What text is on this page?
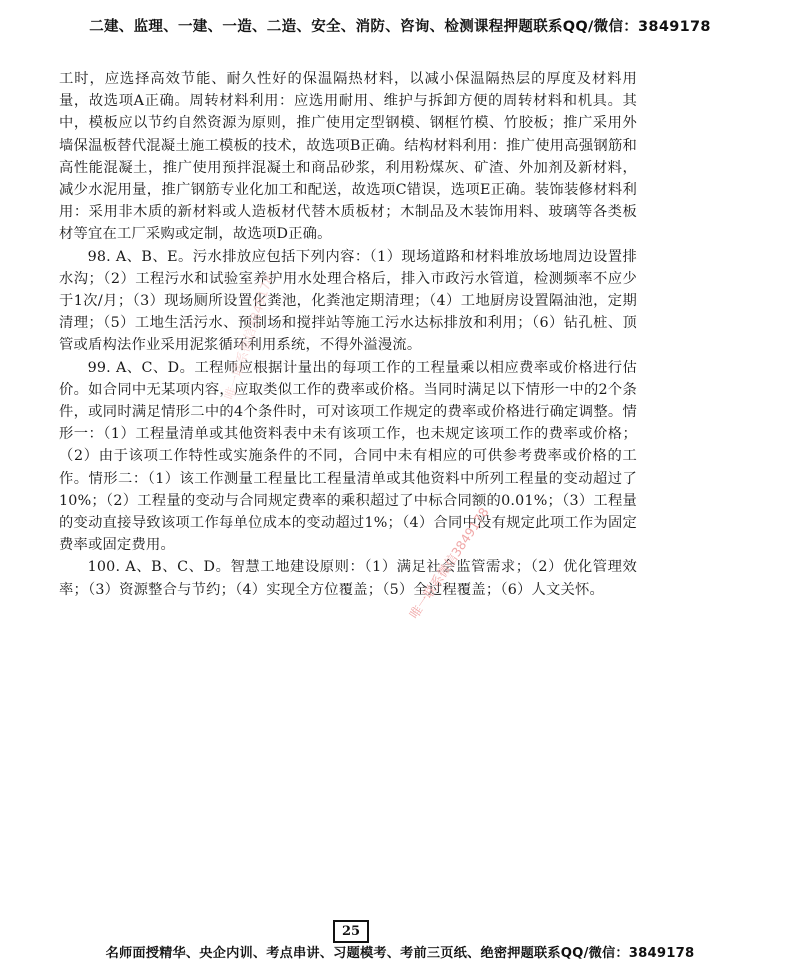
二建、监理、一建、一造、二造、安全、消防、咨询、检测课程押题联系QQ/微信：3849178

工时，应选择高效节能、耐久性好的保温隔热材料，以减小保温隔热层的厚度及材料用量，故选项A正确。周转材料利用：应选用耐用、维护与拆卸方便的周转材料和机具。其中，模板应以节约自然资源为原则，推广使用定型钢模、钢框竹模、竹胶板；推广采用外墙保温板替代混凝土施工模板的技术，故选项B正确。结构材料利用：推广使用高强钢筋和高性能混凝土，推广使用预拌混凝土和商品砂浆，利用粉煤灰、矿渣、外加剂及新材料，减少水泥用量，推广钢筋专业化加工和配送，故选项C错误，选项E正确。装饰装修材料利用：采用非木质的新材料或人造板材代替木质板材；木制品及木装饰用料、玻璃等各类板材等宜在工厂采购或定制，故选项D正确。

98. A、B、E。污水排放应包括下列内容：（1）现场道路和材料堆放场地周边设置排水沟；（2）工程污水和试验室养护用水处理合格后，排入市政污水管道，检测频率不应少于1次/月；（3）现场厕所设置化粪池，化粪池定期清理；（4）工地厨房设置隔油池，定期清理；（5）工地生活污水、预制场和搅拌站等施工污水达标排放和利用；（6）钻孔桩、顶管或盾构法作业采用泥浆循环利用系统，不得外溢漫流。

99. A、C、D。工程师应根据计量出的每项工作的工程量乘以相应费率或价格进行估价。如合同中无某项内容，应取类似工作的费率或价格。当同时满足以下情形一中的2个条件，或同时满足情形二中的4个条件时，可对该项工作规定的费率或价格进行确定调整。情形一：（1）工程量清单或其他资料表中未有该项工作，也未规定该项工作的费率或价格；（2）由于该项工作特性或实施条件的不同，合同中未有相应的可供参考费率或价格的工作。情形二：（1）该工作测量工程量比工程量清单或其他资料中所列工程量的变动超过了10%；（2）工程量的变动与合同规定费率的乘积超过了中标合同额的0.01%；（3）工程量的变动直接导致该项工作每单位成本的变动超过1%；（4）合同中没有规定此项工作为固定费率或固定费用。

100. A、B、C、D。智慧工地建设原则：（1）满足社会监管需求；（2）优化管理效率；（3）资源整合与节约；（4）实现全方位覆盖；（5）全过程覆盖；（6）人文关怀。

唯一联系微信3849178
唯一联系微信3849178
25
名师面授精华、央企内训、考点串讲、习题模考、考前三页纸、绝密押题联系QQ/微信：3849178
